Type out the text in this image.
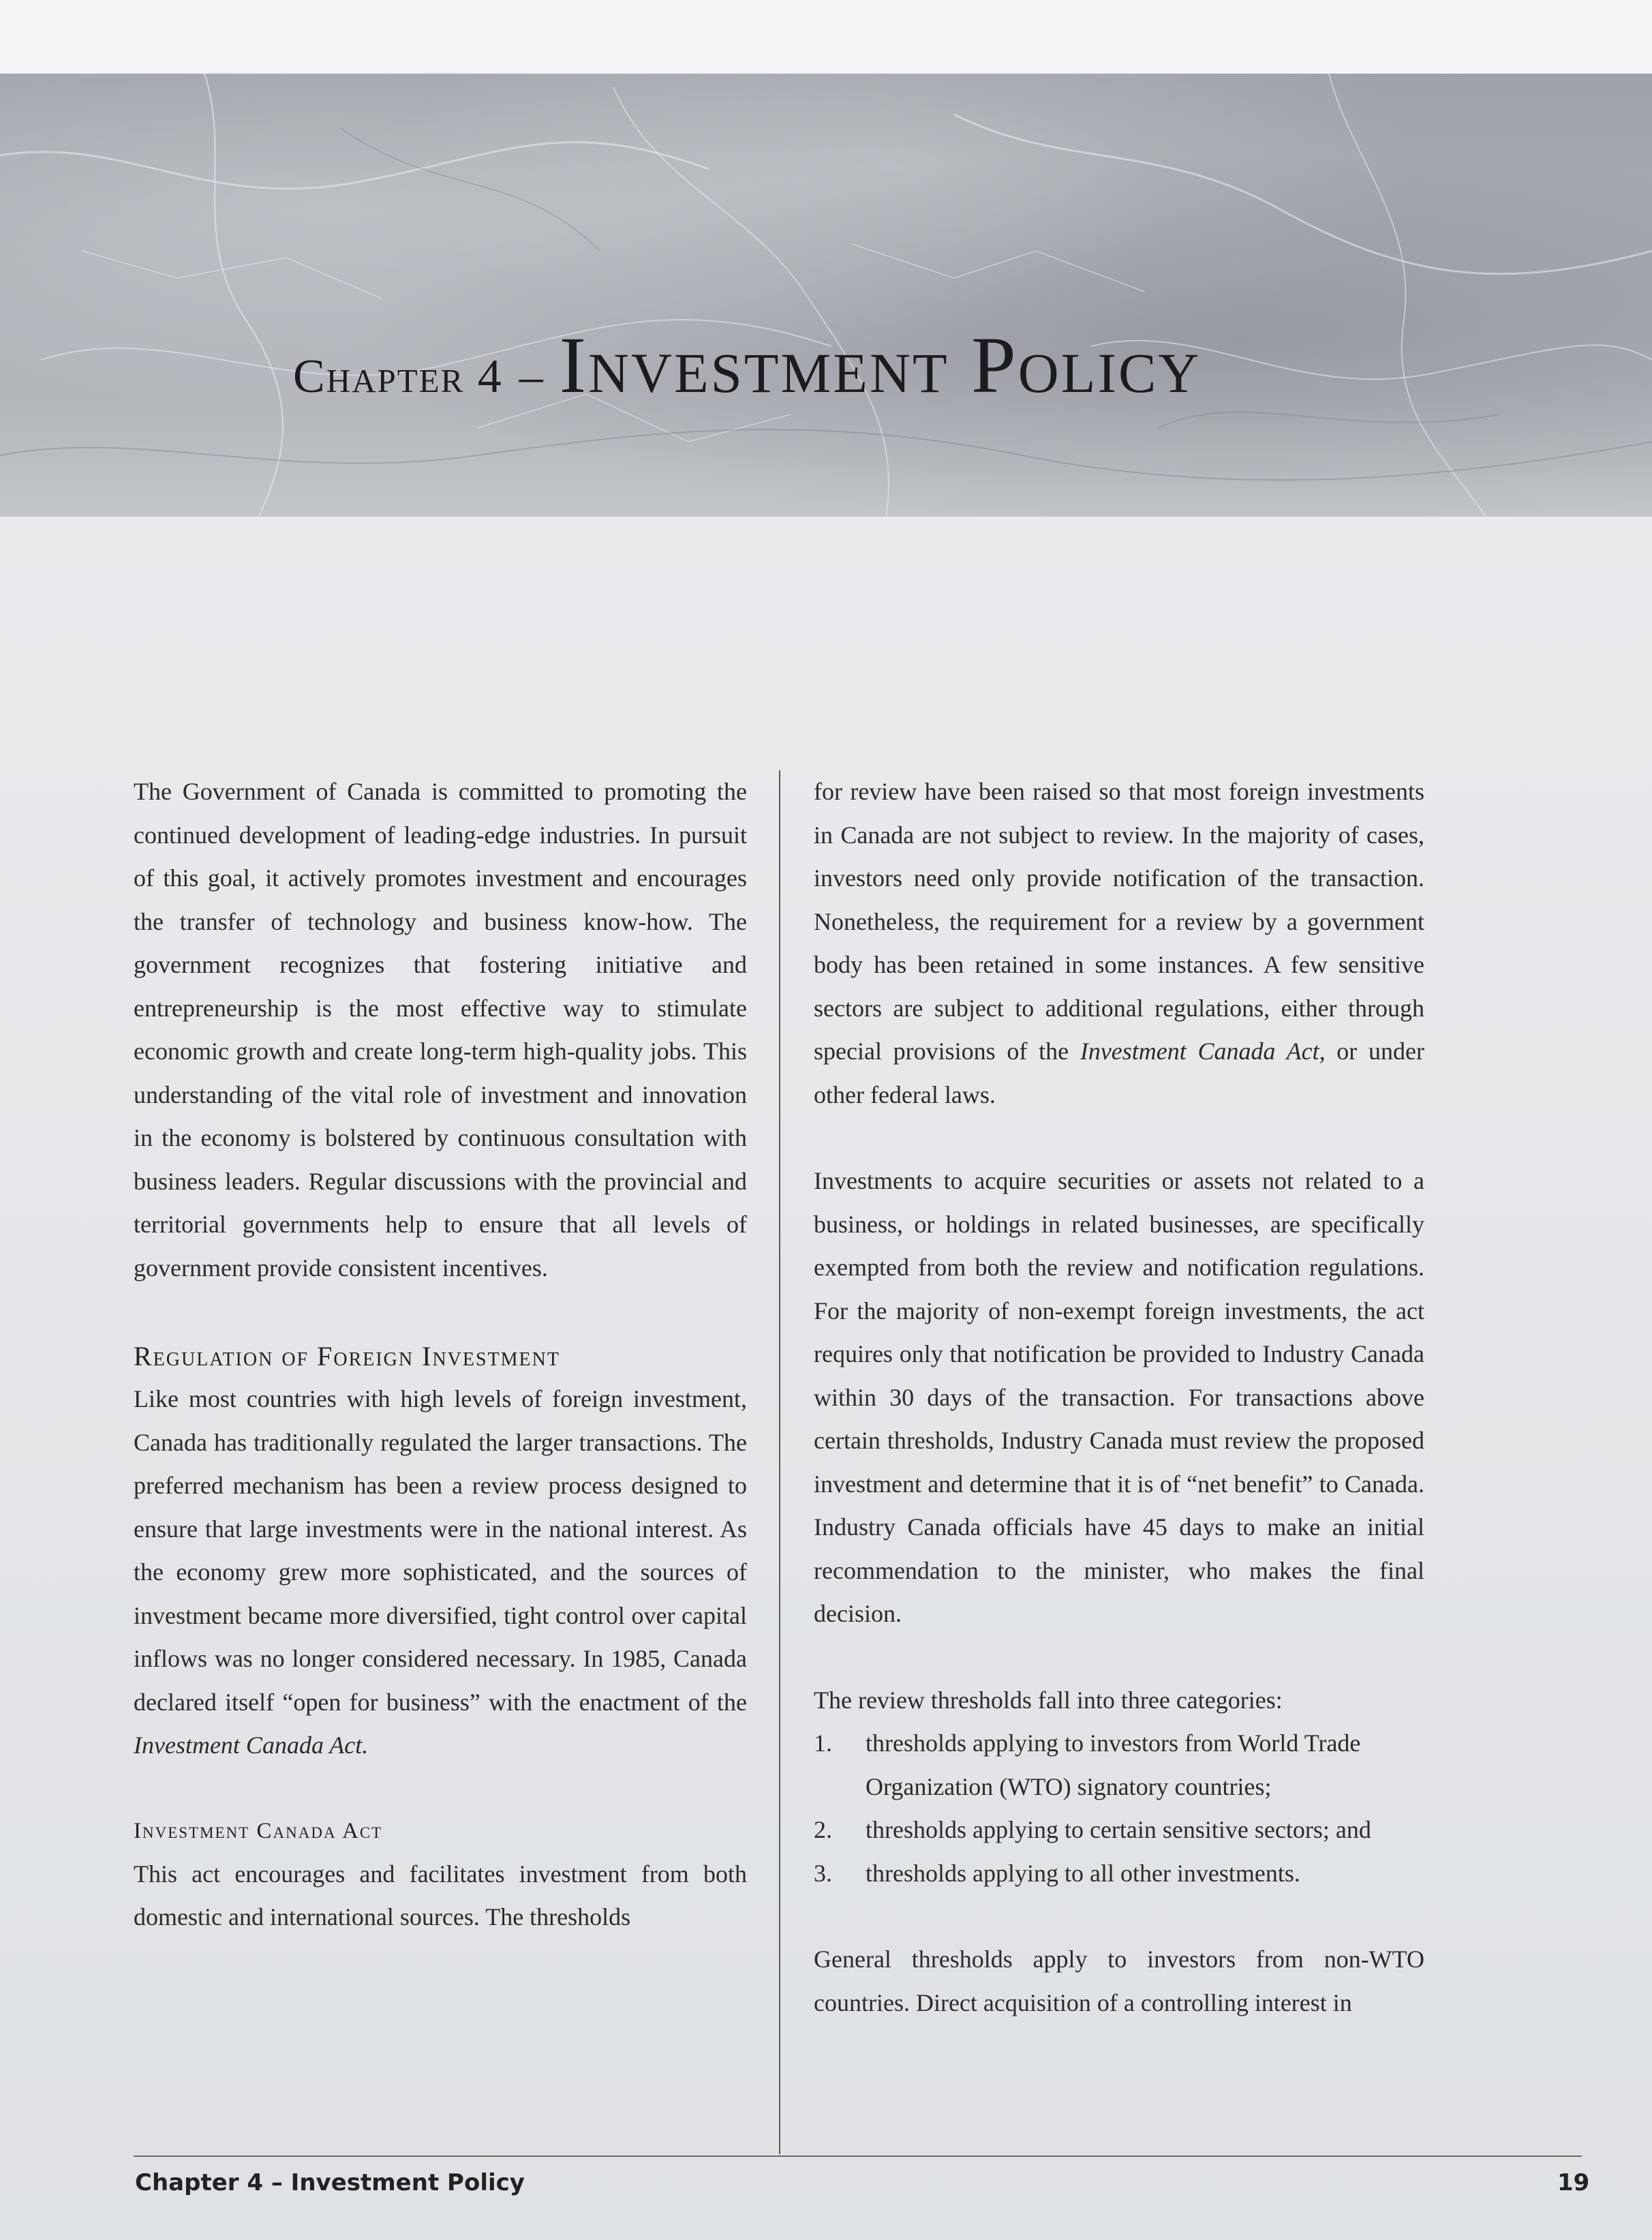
Chapter 4 – Investment Policy

The Government of Canada is committed to promoting the continued development of leading-edge industries. In pursuit of this goal, it actively promotes investment and encourages the transfer of technology and business know-how. The government recognizes that fostering initiative and entrepreneurship is the most effective way to stimulate economic growth and create long-term high-quality jobs. This understanding of the vital role of investment and innovation in the economy is bolstered by continuous consultation with business leaders. Regular discussions with the provincial and territorial governments help to ensure that all levels of government provide consistent incentives.

Regulation of Foreign Investment

Like most countries with high levels of foreign investment, Canada has traditionally regulated the larger transactions. The preferred mechanism has been a review process designed to ensure that large investments were in the national interest. As the economy grew more sophisticated, and the sources of investment became more diversified, tight control over capital inflows was no longer considered necessary. In 1985, Canada declared itself “open for business” with the enactment of the Investment Canada Act.

Investment Canada Act

This act encourages and facilitates investment from both domestic and international sources. The thresholds

for review have been raised so that most foreign investments in Canada are not subject to review. In the majority of cases, investors need only provide notification of the transaction. Nonetheless, the requirement for a review by a government body has been retained in some instances. A few sensitive sectors are subject to additional regulations, either through special provisions of the Investment Canada Act, or under other federal laws.

Investments to acquire securities or assets not related to a business, or holdings in related businesses, are specifically exempted from both the review and notification regulations. For the majority of non-exempt foreign investments, the act requires only that notification be provided to Industry Canada within 30 days of the transaction. For transactions above certain thresholds, Industry Canada must review the proposed investment and determine that it is of “net benefit” to Canada. Industry Canada officials have 45 days to make an initial recommendation to the minister, who makes the final decision.

The review thresholds fall into three categories:

1. thresholds applying to investors from World Trade Organization (WTO) signatory countries;
2. thresholds applying to certain sensitive sectors; and
3. thresholds applying to all other investments.

General thresholds apply to investors from non-WTO countries. Direct acquisition of a controlling interest in

Chapter 4 – Investment Policy	19
